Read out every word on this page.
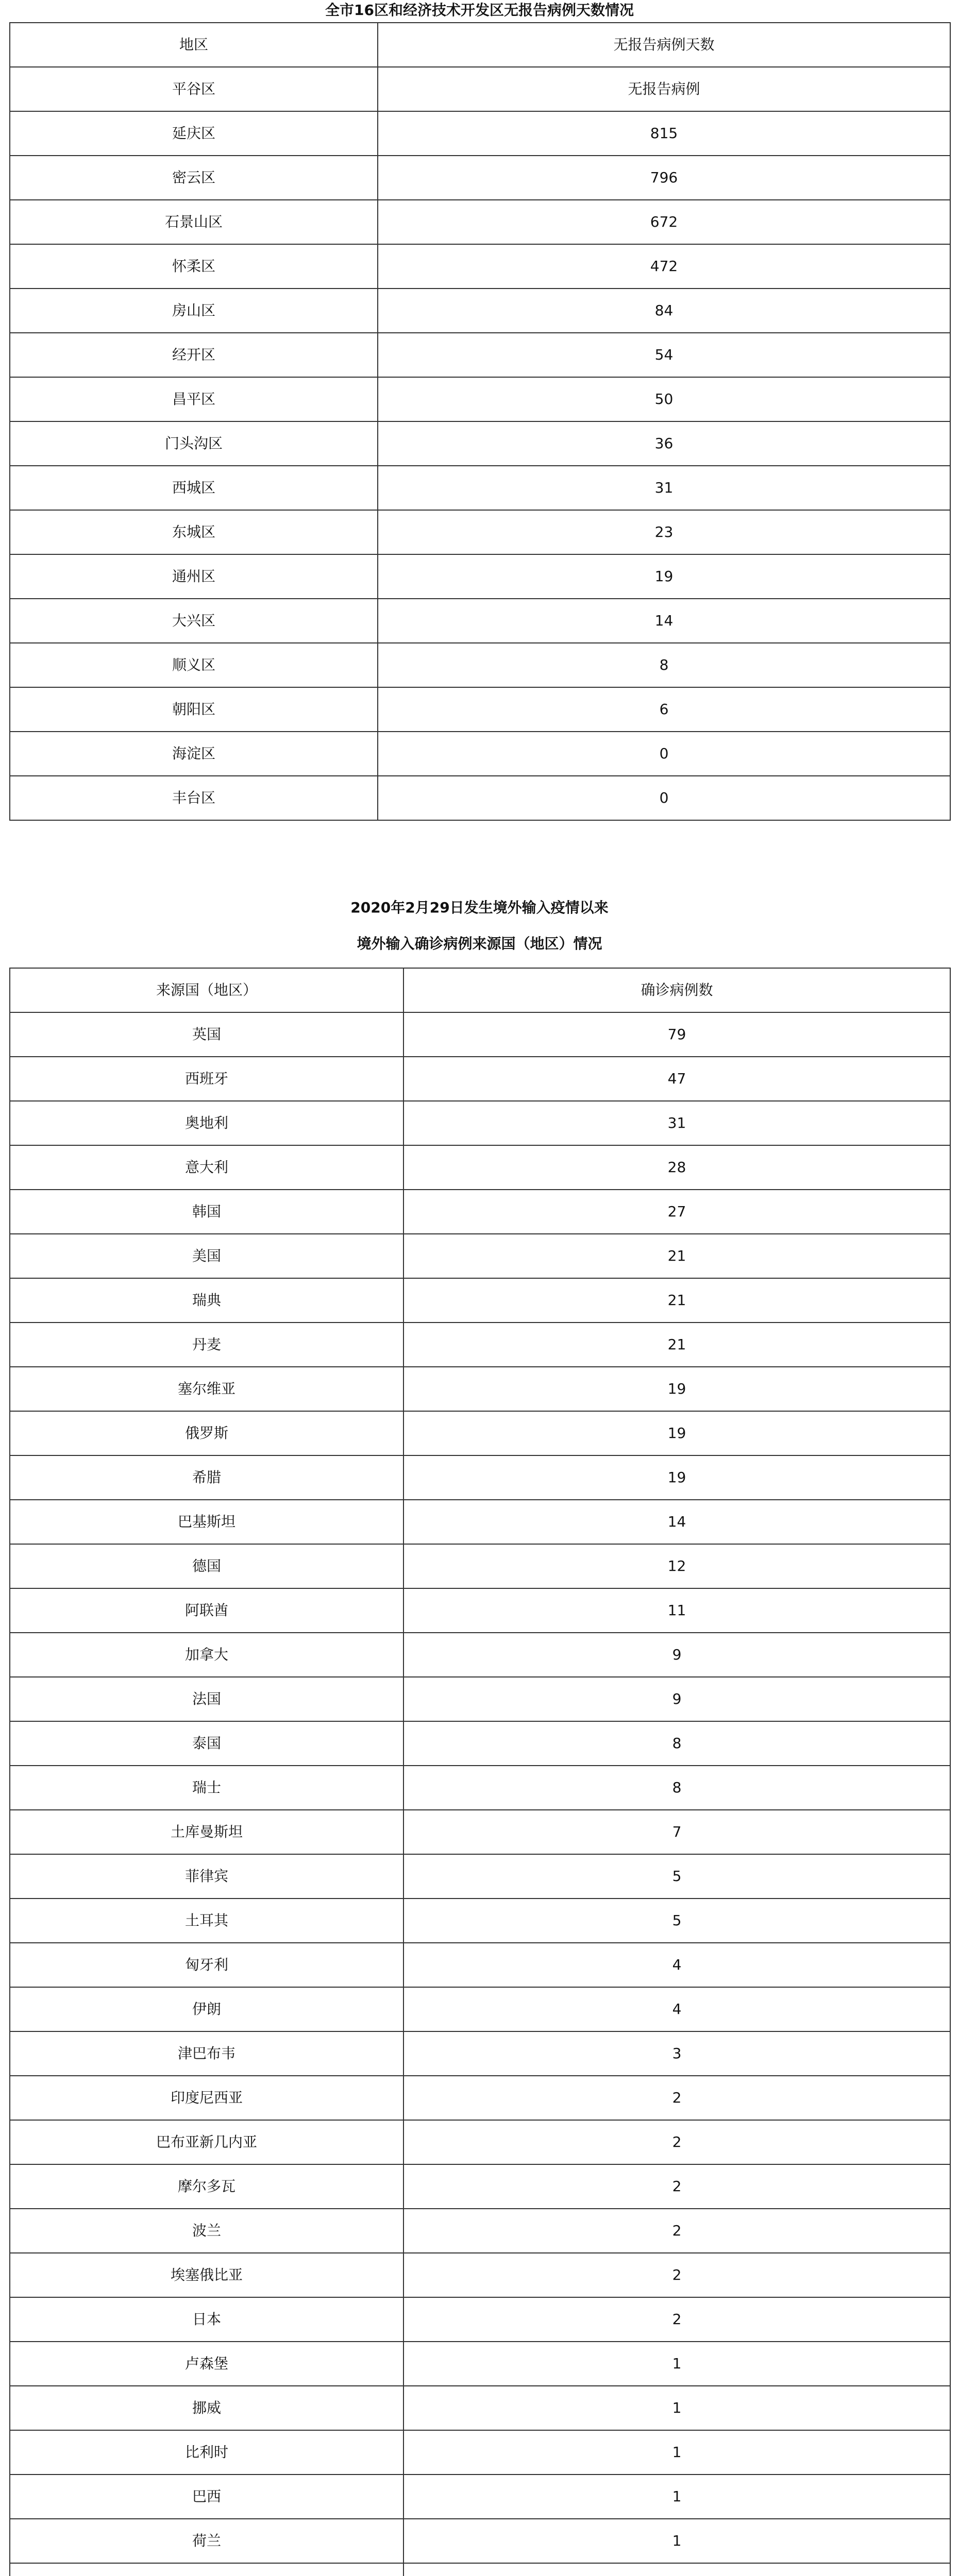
全市16区和经济技术开发区无报告病例天数情况
地区	无报告病例天数
平谷区	无报告病例
延庆区	815
密云区	796
石景山区	672
怀柔区	472
房山区	84
经开区	54
昌平区	50
门头沟区	36
西城区	31
东城区	23
通州区	19
大兴区	14
顺义区	8
朝阳区	6
海淀区	0
丰台区	0
2020年2月29日发生境外输入疫情以来
境外输入确诊病例来源国（地区）情况
来源国（地区）	确诊病例数
英国	79
西班牙	47
奥地利	31
意大利	28
韩国	27
美国	21
瑞典	21
丹麦	21
塞尔维亚	19
俄罗斯	19
希腊	19
巴基斯坦	14
德国	12
阿联酋	11
加拿大	9
法国	9
泰国	8
瑞士	8
土库曼斯坦	7
菲律宾	5
土耳其	5
匈牙利	4
伊朗	4
津巴布韦	3
印度尼西亚	2
巴布亚新几内亚	2
摩尔多瓦	2
波兰	2
埃塞俄比亚	2
日本	2
卢森堡	1
挪威	1
比利时	1
巴西	1
荷兰	1
